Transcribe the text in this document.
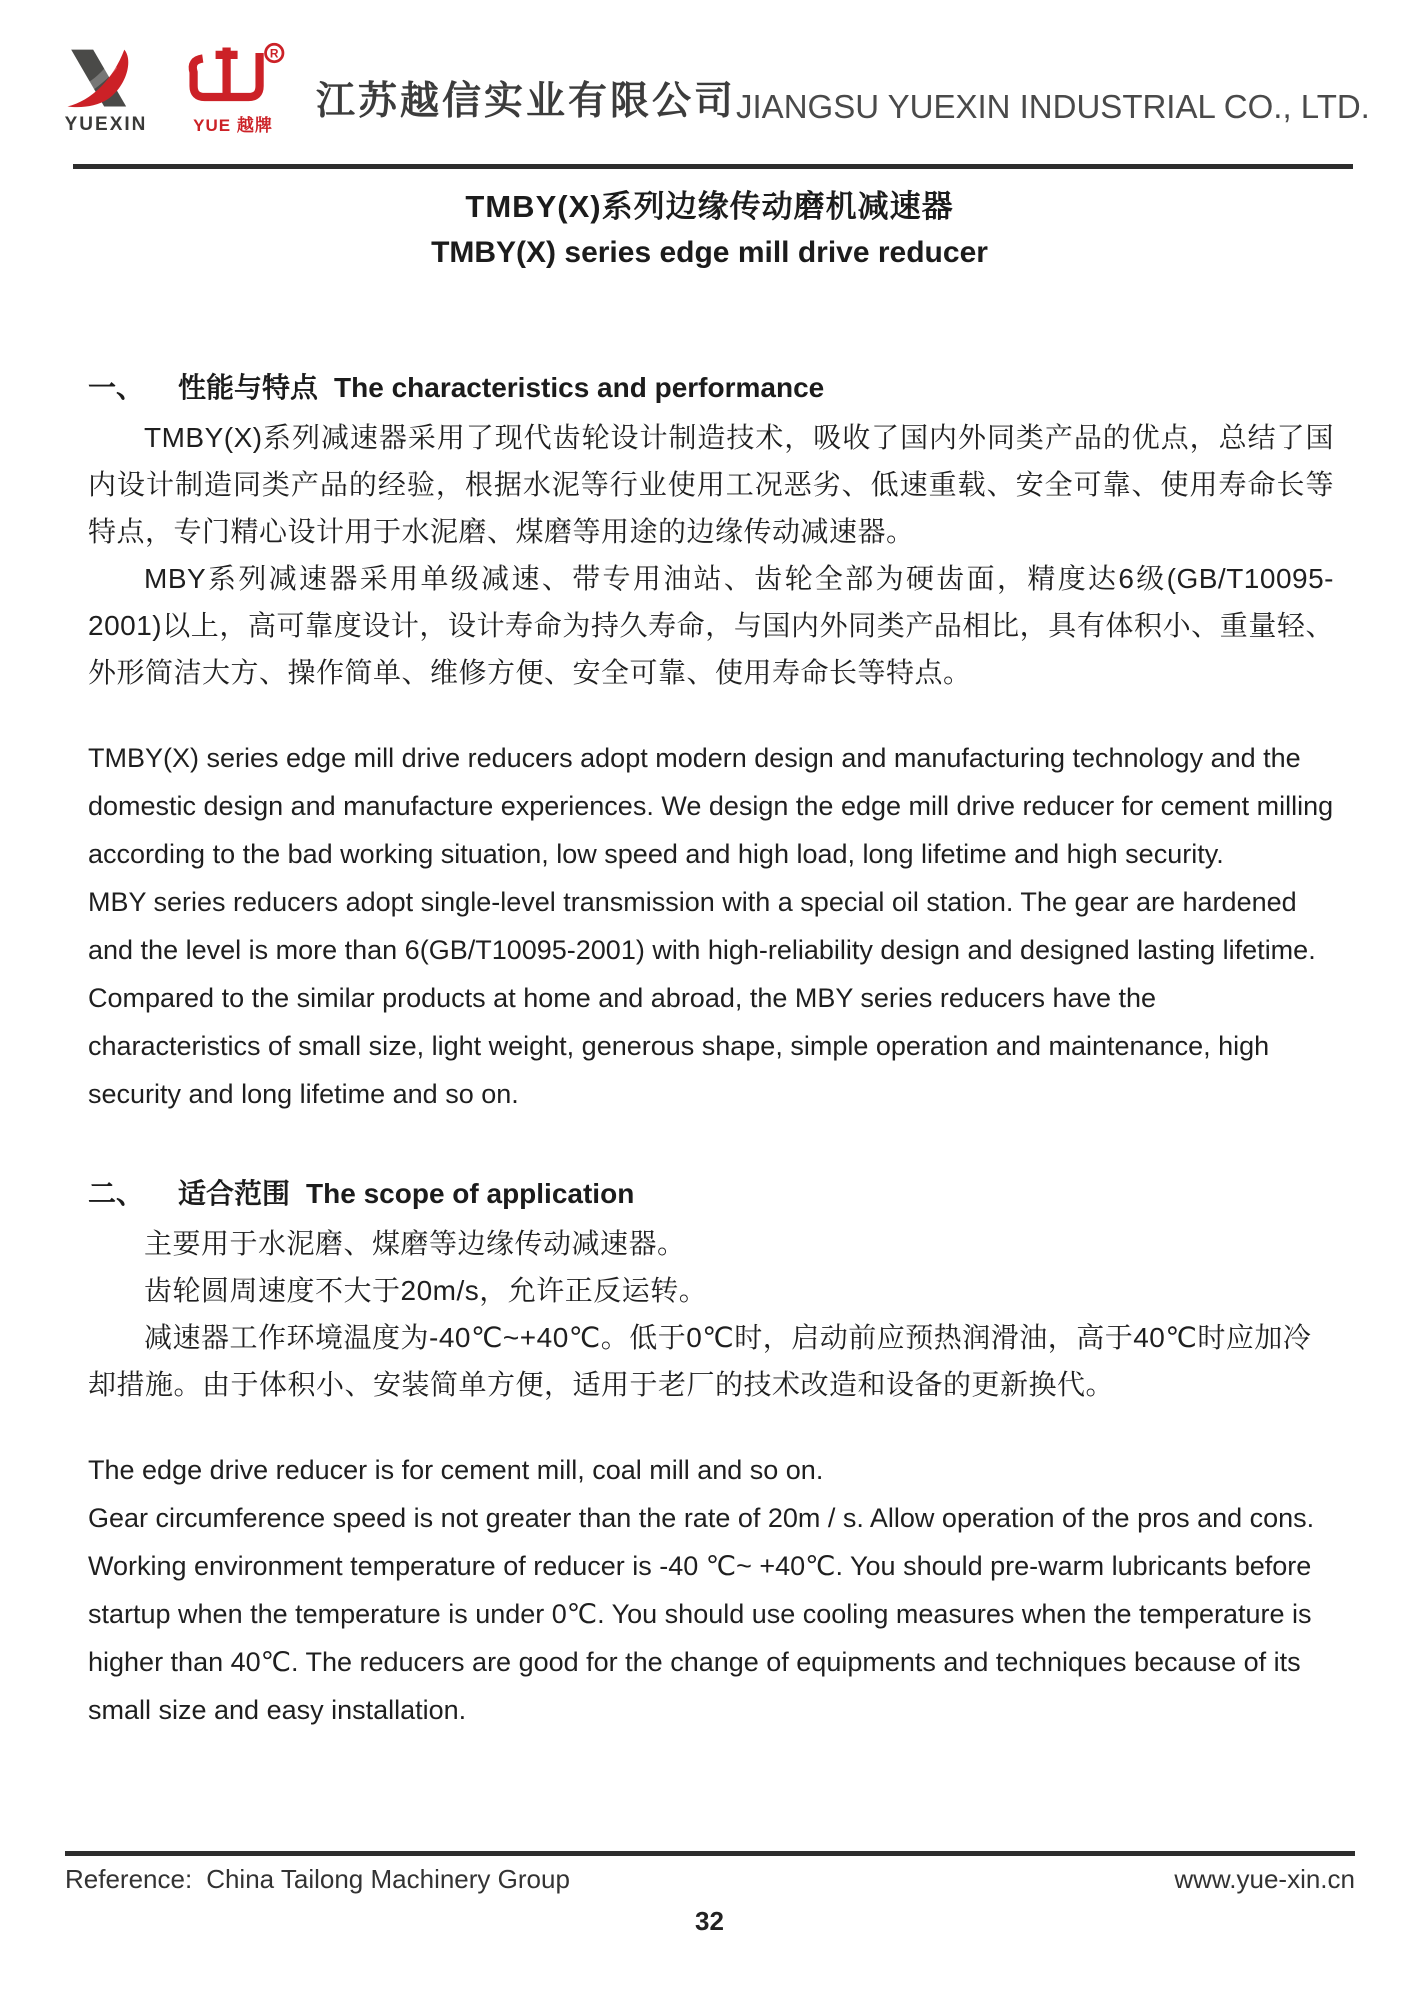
YUEXIN
R
YUE 越牌
江苏越信实业有限公司 JIANGSU YUEXIN INDUSTRIAL CO., LTD.
TMBY(X)系列边缘传动磨机减速器
TMBY(X) series edge mill drive reducer
一、 性能与特点 The characteristics and performance

TMBY(X)系列减速器采用了现代齿轮设计制造技术，吸收了国内外同类产品的优点，总结了国内设计制造同类产品的经验，根据水泥等行业使用工况恶劣、低速重载、安全可靠、使用寿命长等特点，专门精心设计用于水泥磨、煤磨等用途的边缘传动减速器。

MBY系列减速器采用单级减速、带专用油站、齿轮全部为硬齿面，精度达6级(GB/T10095-2001)以上，高可靠度设计，设计寿命为持久寿命，与国内外同类产品相比，具有体积小、重量轻、外形简洁大方、操作简单、维修方便、安全可靠、使用寿命长等特点。

TMBY(X) series edge mill drive reducers adopt modern design and manufacturing technology and the domestic design and manufacture experiences. We design the edge mill drive reducer for cement milling according to the bad working situation, low speed and high load, long lifetime and high security.

MBY series reducers adopt single-level transmission with a special oil station. The gear are hardened and the level is more than 6(GB/T10095-2001) with high-reliability design and designed lasting lifetime. Compared to the similar products at home and abroad, the MBY series reducers have the characteristics of small size, light weight, generous shape, simple operation and maintenance, high security and long lifetime and so on.

二、 适合范围 The scope of application

主要用于水泥磨、煤磨等边缘传动减速器。

齿轮圆周速度不大于20m/s，允许正反运转。

减速器工作环境温度为-40℃~+40℃。低于0℃时，启动前应预热润滑油，高于40℃时应加冷却措施。由于体积小、安装简单方便，适用于老厂的技术改造和设备的更新换代。

The edge drive reducer is for cement mill, coal mill and so on.

Gear circumference speed is not greater than the rate of 20m / s. Allow operation of the pros and cons.

Working environment temperature of reducer is -40 ℃~ +40℃. You should pre-warm lubricants before startup when the temperature is under 0℃. You should use cooling measures when the temperature is higher than 40℃. The reducers are good for the change of equipments and techniques because of its small size and easy installation.

Reference: China Tailong Machinery Group	www.yue-xin.cn
32
